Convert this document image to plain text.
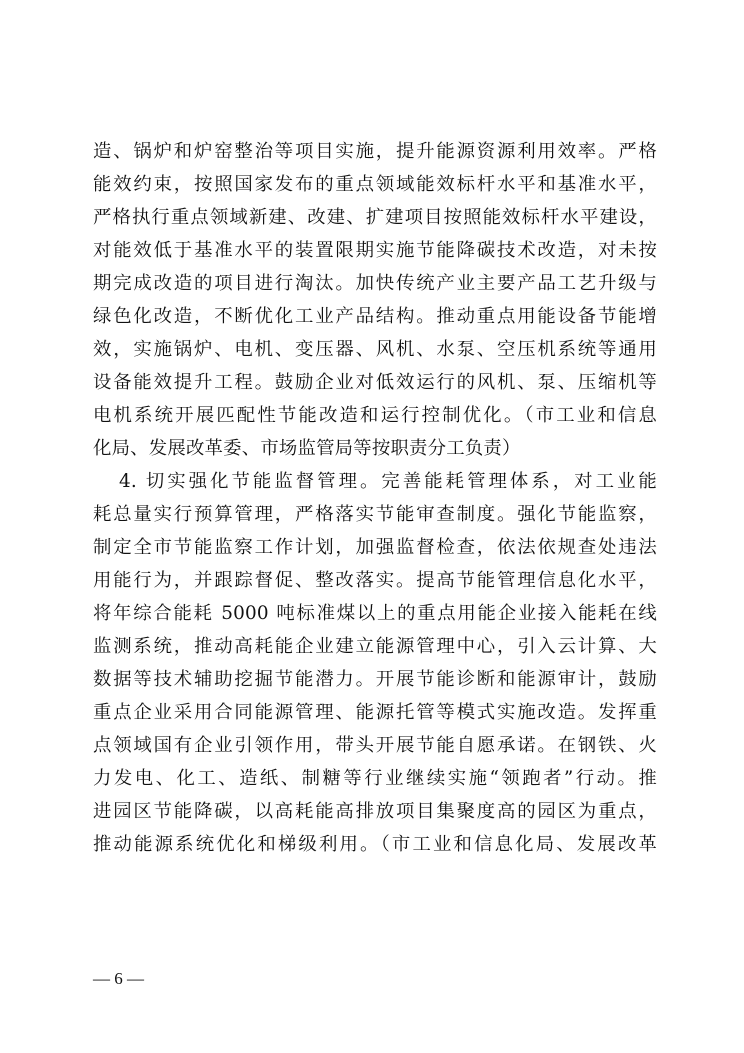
造、锅炉和炉窑整治等项目实施，提升能源资源利用效率。严格
能效约束，按照国家发布的重点领域能效标杆水平和基准水平，
严格执行重点领域新建、改建、扩建项目按照能效标杆水平建设，
对能效低于基准水平的装置限期实施节能降碳技术改造，对未按
期完成改造的项目进行淘汰。加快传统产业主要产品工艺升级与
绿色化改造，不断优化工业产品结构。推动重点用能设备节能增
效，实施锅炉、电机、变压器、风机、水泵、空压机系统等通用
设备能效提升工程。鼓励企业对低效运行的风机、泵、压缩机等
电机系统开展匹配性节能改造和运行控制优化。（市工业和信息
化局、发展改革委、市场监管局等按职责分工负责）
4. 切实强化节能监督管理。完善能耗管理体系，对工业能
耗总量实行预算管理，严格落实节能审查制度。强化节能监察，
制定全市节能监察工作计划，加强监督检查，依法依规查处违法
用能行为，并跟踪督促、整改落实。提高节能管理信息化水平，
将年综合能耗 5000 吨标准煤以上的重点用能企业接入能耗在线
监测系统，推动高耗能企业建立能源管理中心，引入云计算、大
数据等技术辅助挖掘节能潜力。开展节能诊断和能源审计，鼓励
重点企业采用合同能源管理、能源托管等模式实施改造。发挥重
点领域国有企业引领作用，带头开展节能自愿承诺。在钢铁、火
力发电、化工、造纸、制糖等行业继续实施“领跑者”行动。推
进园区节能降碳，以高耗能高排放项目集聚度高的园区为重点，
推动能源系统优化和梯级利用。（市工业和信息化局、发展改革
— 6 —
